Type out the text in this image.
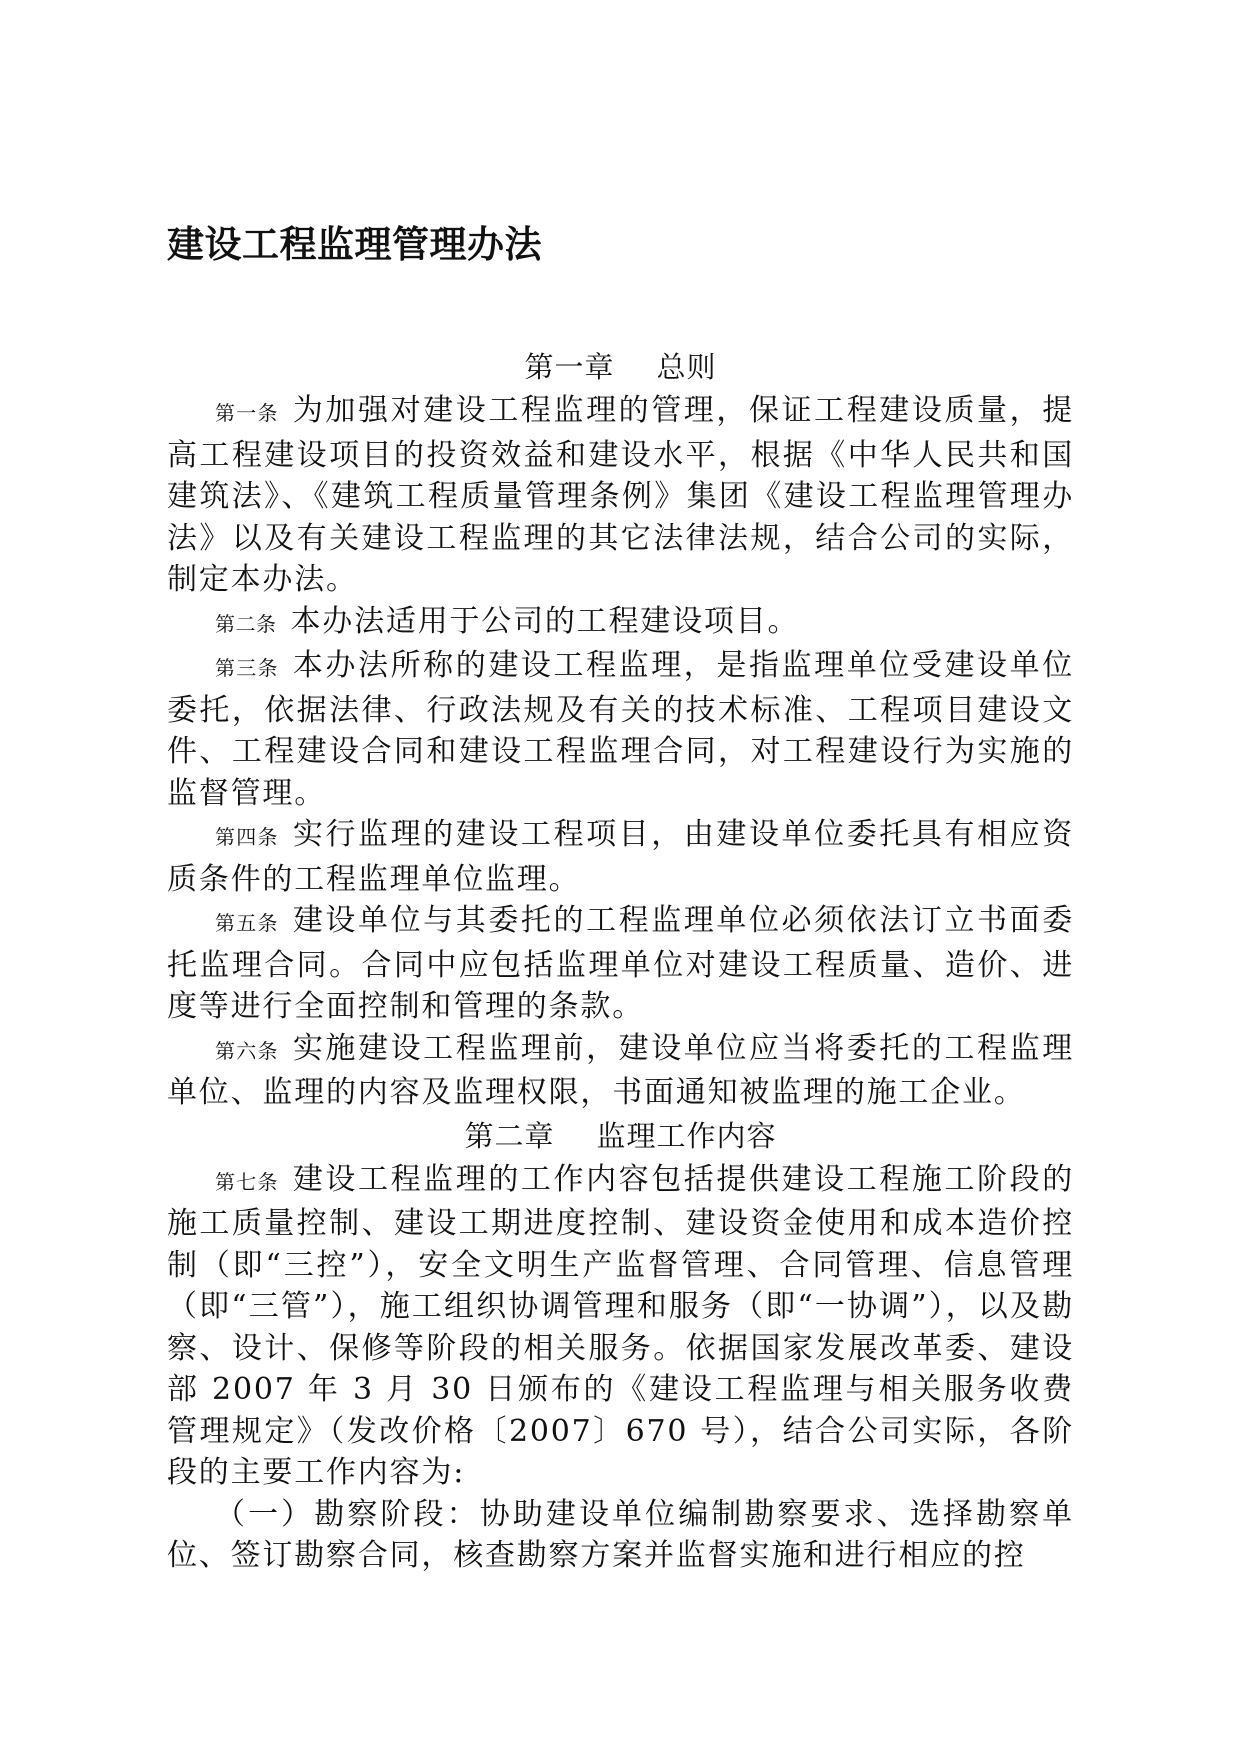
建设工程监理管理办法
第一章 总则

第一条 为加强对建设工程监理的管理，保证工程建设质量，提高工程建设项目的投资效益和建设水平，根据《中华人民共和国建筑法》、《建筑工程质量管理条例》集团《建设工程监理管理办法》以及有关建设工程监理的其它法律法规，结合公司的实际，制定本办法。

第二条 本办法适用于公司的工程建设项目。

第三条 本办法所称的建设工程监理，是指监理单位受建设单位委托，依据法律、行政法规及有关的技术标准、工程项目建设文件、工程建设合同和建设工程监理合同，对工程建设行为实施的监督管理。

第四条 实行监理的建设工程项目，由建设单位委托具有相应资质条件的工程监理单位监理。

第五条 建设单位与其委托的工程监理单位必须依法订立书面委托监理合同。合同中应包括监理单位对建设工程质量、造价、进度等进行全面控制和管理的条款。

第六条 实施建设工程监理前，建设单位应当将委托的工程监理单位、监理的内容及监理权限，书面通知被监理的施工企业。

第二章 监理工作内容

第七条 建设工程监理的工作内容包括提供建设工程施工阶段的施工质量控制、建设工期进度控制、建设资金使用和成本造价控制（即“三控”），安全文明生产监督管理、合同管理、信息管理（即“三管”），施工组织协调管理和服务（即“一协调”），以及勘察、设计、保修等阶段的相关服务。依据国家发展改革委、建设部 2007 年 3 月 30 日颁布的《建设工程监理与相关服务收费管理规定》（发改价格〔2007〕670 号），结合公司实际，各阶段的主要工作内容为:

（一）勘察阶段：协助建设单位编制勘察要求、选择勘察单位、签订勘察合同，核查勘察方案并监督实施和进行相应的控
